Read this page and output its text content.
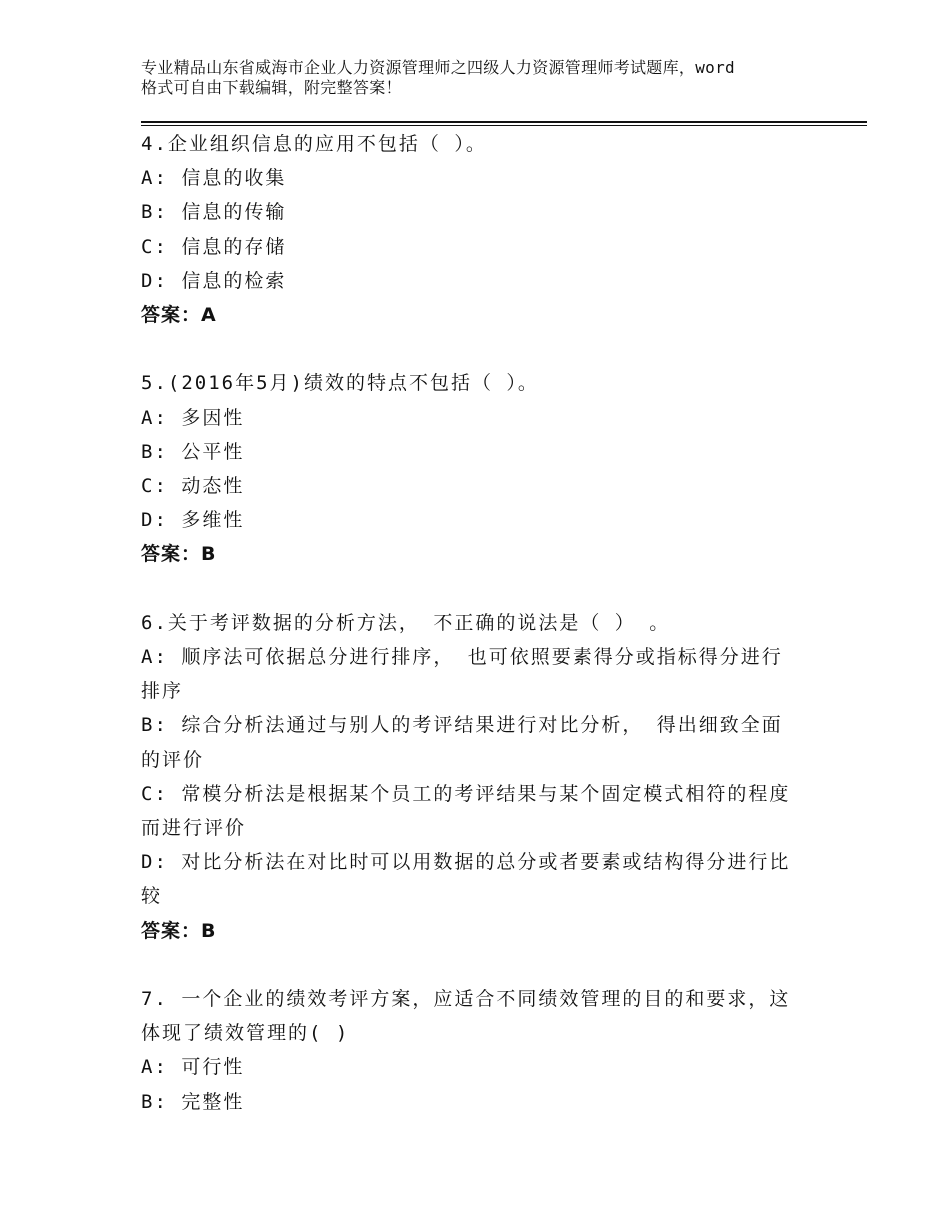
专业精品山东省威海市企业人力资源管理师之四级人力资源管理师考试题库，word
格式可自由下载编辑，附完整答案！
4.企业组织信息的应用不包括（ ）。
A: 信息的收集
B: 信息的传输
C: 信息的存储
D: 信息的检索
答案：A
5.(2016年5月)绩效的特点不包括（ ）。
A: 多因性
B: 公平性
C: 动态性
D: 多维性
答案：B
6.关于考评数据的分析方法， 不正确的说法是（ ） 。
A: 顺序法可依据总分进行排序， 也可依照要素得分或指标得分进行
排序
B: 综合分析法通过与别人的考评结果进行对比分析， 得出细致全面
的评价
C: 常模分析法是根据某个员工的考评结果与某个固定模式相符的程度
而进行评价
D: 对比分析法在对比时可以用数据的总分或者要素或结构得分进行比
较
答案：B
7. 一个企业的绩效考评方案，应适合不同绩效管理的目的和要求，这
体现了绩效管理的( )
A: 可行性
B: 完整性
